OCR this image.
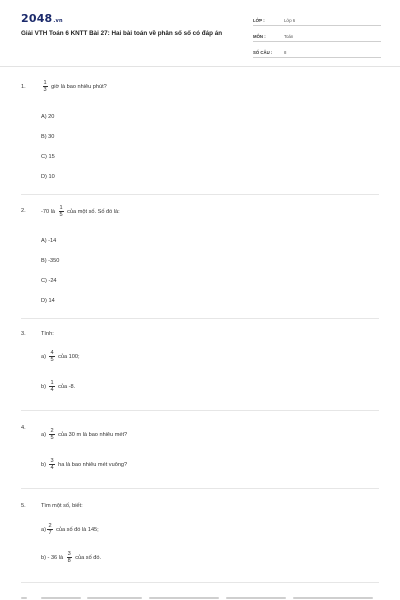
2048.vn
Giải VTH Toán 6 KNTT Bài 27: Hai bài toán về phân số số có đáp án
LỚP :	Lớp 6
MÔN :	Toán
SỐ CÂU :	8
1.	$\frac{1}{3}$ giờ là bao nhiêu phút?
A) 20
B) 30
C) 15
D) 10
2.	-70 là $\frac{1}{5}$ của một số. Số đó là:
A) -14
B) -350
C) -24
D) 14
3.	Tính:
$a) \frac{4}{5}$ của 100;
$b) \frac{1}{4}$ của -8.
4.
$a) \frac{2}{5}$ của 30 m là bao nhiêu mét?
$b) \frac{3}{4}$ ha là bao nhiêu mét vuông?
5.	Tìm một số, biết:
$a) \frac{2}{7}$ của số đó là 145;
b) - 36 là $\frac{3}{8}$ của số đó.
